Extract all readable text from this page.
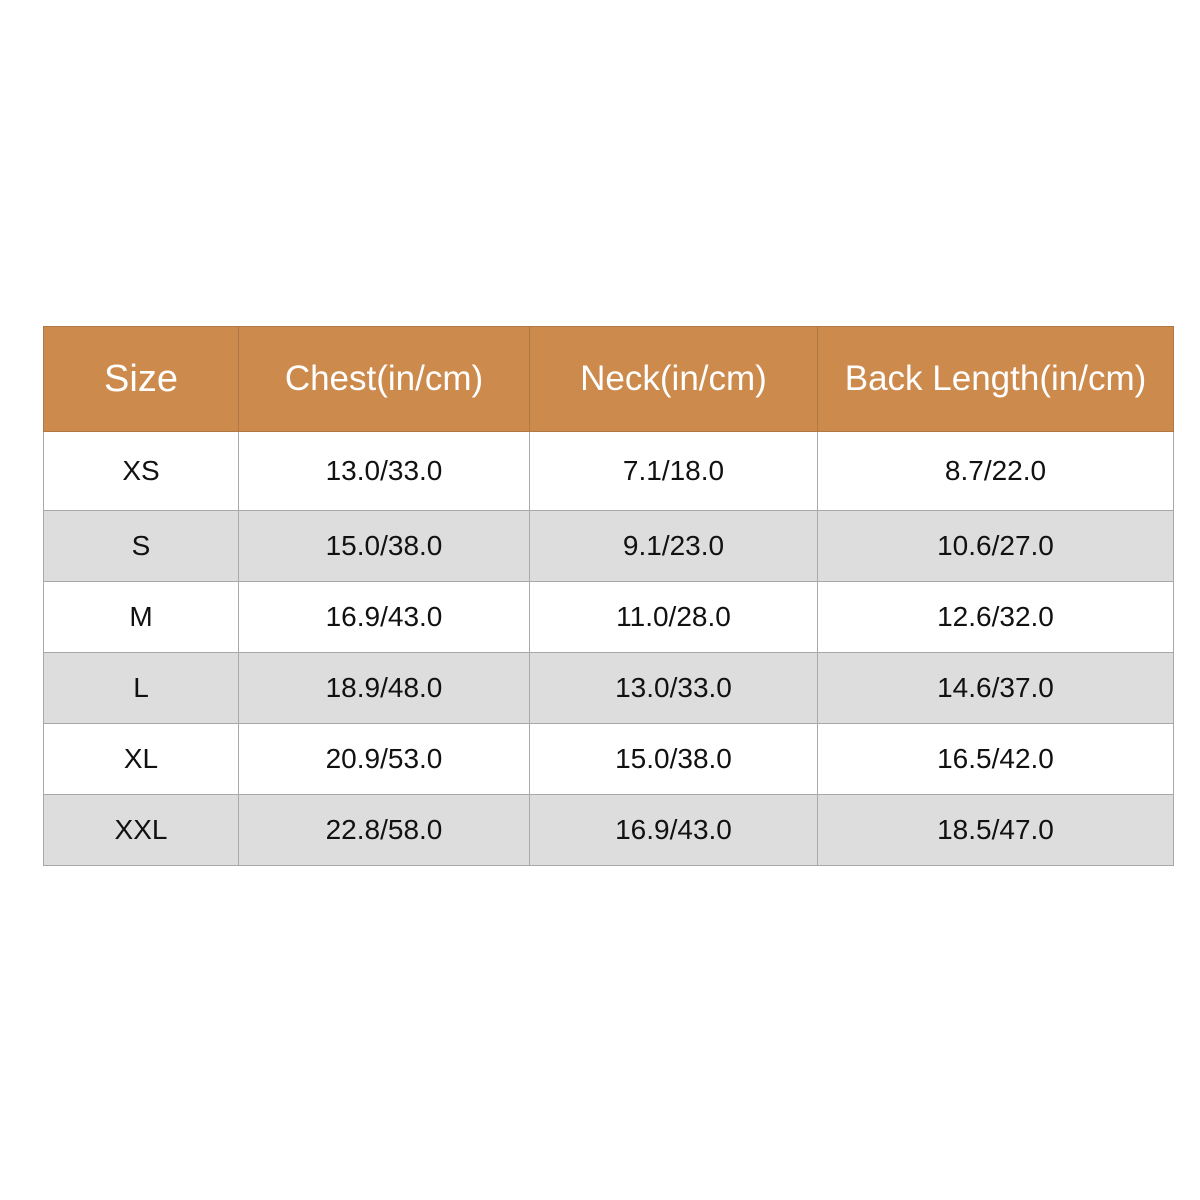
Size	Chest(in/cm)	Neck(in/cm)	Back Length(in/cm)
XS	13.0/33.0	7.1/18.0	8.7/22.0
S	15.0/38.0	9.1/23.0	10.6/27.0
M	16.9/43.0	11.0/28.0	12.6/32.0
L	18.9/48.0	13.0/33.0	14.6/37.0
XL	20.9/53.0	15.0/38.0	16.5/42.0
XXL	22.8/58.0	16.9/43.0	18.5/47.0
